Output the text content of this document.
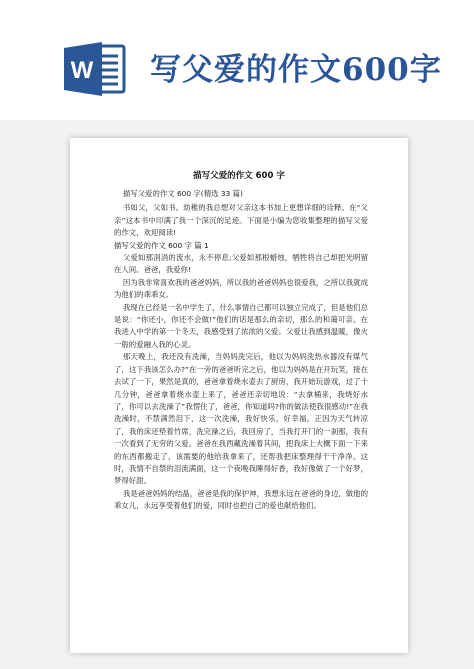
W 写父爱的作文600字
描写父爱的作文 600 字

描写父爱的作文 600 字(精选 33 篇)

书如父，父如书。幼稚的我总想对父亲这本书加上更想详细的诠释。在“父亲”这本书中印满了我一个深沉的足迹。下面是小编为您收集整理的描写父爱的作文，欢迎阅读!

描写父爱的作文 600 字 篇 1

父爱如那涓涓的流水，永不停息;父爱如那根蜡烛，牺牲将自己却把光明留在人间。爸爸，我爱你!

因为我非常喜欢我的爸爸妈妈，所以我的爸爸妈妈也很爱我，之所以我就成为他们的乖乖女。

我现在已经是一名中学生了，什么事情自己都可以独立完成了，但是他们总是说：“你还小，你还不会做!”他们的话是那么的亲切，那么的和蔼可亲。在我进入中学的第一个冬天，我感受到了浓浓的父爱。父爱让我感到温暖，像火一般的爱融入我的心灵。

那天晚上，我还没有洗澡，当妈妈洗完后，他以为妈妈洗热水器没有煤气了，这下我该怎么办?”在一旁的爸爸听完之后，他以为妈妈是在开玩笑，接在去试了一下，果然是真的，爸爸拿着烧水壶去了厨房，我开始玩游戏，过了十几分钟，爸爸拿着烧水壶上来了，爸爸还亲切地说：“去拿桶来，我烧好水了，你可以去洗澡了”我愣住了，爸爸，你知道吗?你的做法使我很感动!”在我洗澡时，不禁满然泪下，这一次洗澡，我好快乐，好幸福。正因为天气转凉了，我的床还垫着竹席，洗完澡之后，我回房了，当我打开门的一刹那，我有一次看到了无穷的父爱。爸爸在我西藏洗澡着其间，把我床上大概下面一下来的东西都搬走了，该需要的他给我拿来了，还帮我把床整理得干干净净。这时，我情不自禁的泪流满面，这一个夜晚我睡得好香，我好像做了一个好梦，梦得好甜。

我是爸爸妈妈的结晶，爸爸是我的保护神，我想永远在爸爸的身边，做他的乖女儿，永远享受着他们的爱，同时也把自己的爱也献给他们。
